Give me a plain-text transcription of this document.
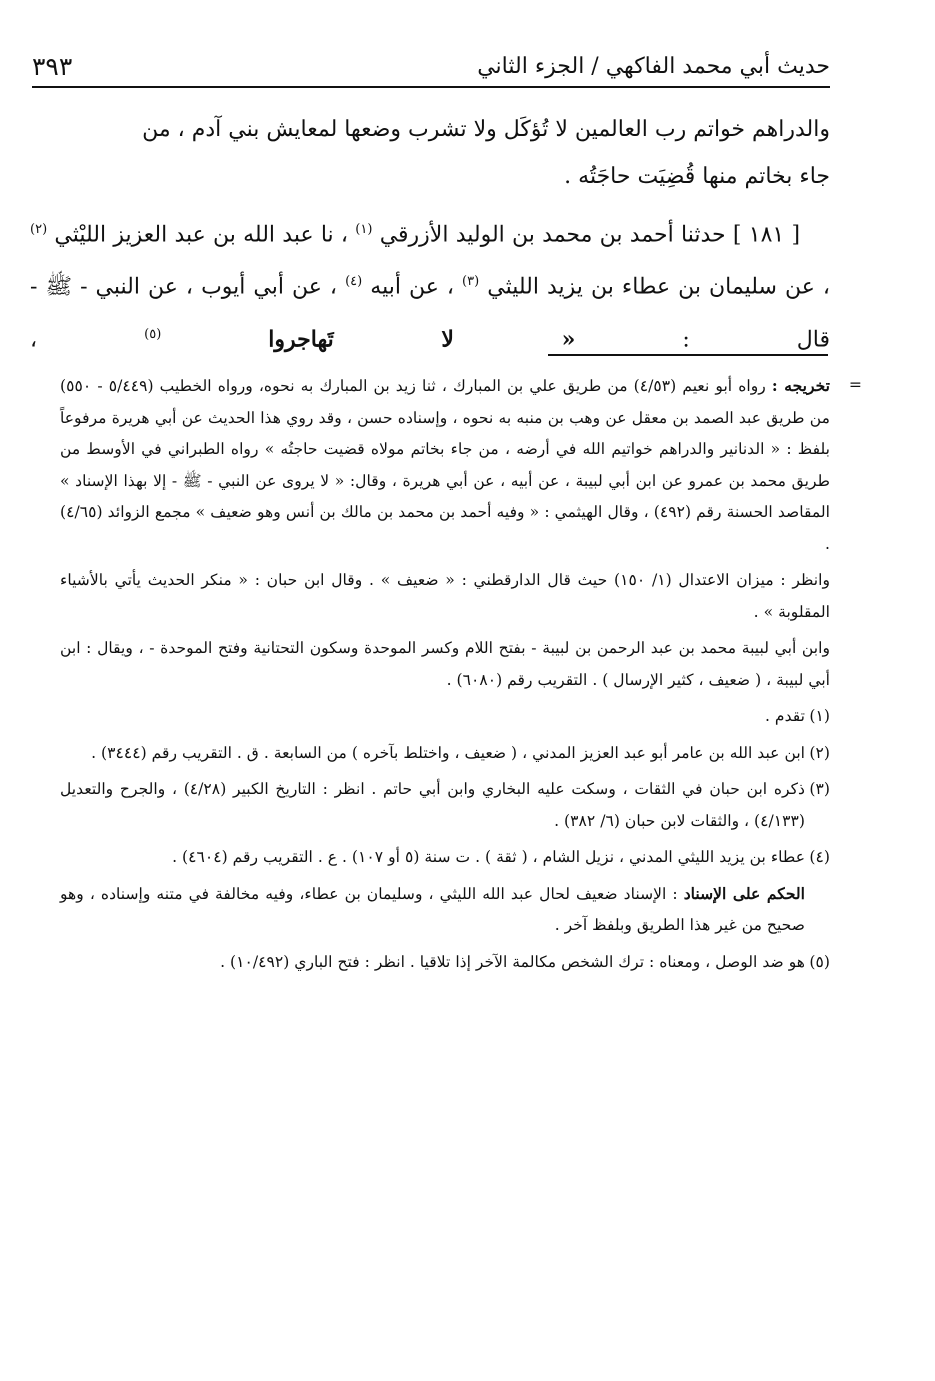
حديث أبي محمد الفاكهي / الجزء الثاني
٣٩٣

والدراهم خواتم رب العالمين لا تُؤكَل ولا تشرب وضعها لمعايش بني آدم ، من

جاء بخاتم منها قُضِيَت حاجَتُه .

[ ١٨١ ] حدثنا أحمد بن محمد بن الوليد الأزرقي $^{(١)}$ ، نا عبد الله بن عبد العزيز الليْثي $^{(٢)}$ ، عن سليمان بن عطاء بن يزيد الليثي $^{(٣)}$ ، عن أبيه $^{(٤)}$ ، عن أبي أيوب ، عن النبي - ﷺ - قال : « لا تَهاجروا $^{(٥)}$ ،

=
تخريجه : رواه أبو نعيم (٤/٥٣) من طريق علي بن المبارك ، ثنا زيد بن المبارك به نحوه، ورواه الخطيب (٥/٤٤٩ - ٥٥٠) من طريق عبد الصمد بن معقل عن وهب بن منبه به نحوه ، وإسناده حسن ، وقد روي هذا الحديث عن أبي هريرة مرفوعاً بلفظ : « الدنانير والدراهم خواتيم الله في أرضه ، من جاء بخاتم مولاه قضيت حاجتُه » رواه الطبراني في الأوسط من طريق محمد بن عمرو عن ابن أبي لبيبة ، عن أبيه ، عن أبي هريرة ، وقال: « لا يروى عن النبي - ﷺ - إلا بهذا الإسناد » المقاصد الحسنة رقم (٤٩٢) ، وقال الهيثمي : « وفيه أحمد بن محمد بن مالك بن أنس وهو ضعيف » مجمع الزوائد (٤/٦٥) .

وانظر : ميزان الاعتدال (١/ ١٥٠) حيث قال الدارقطني : « ضعيف » . وقال ابن حبان : « منكر الحديث يأتي بالأشياء المقلوبة » .

وابن أبي لبيبة محمد بن عبد الرحمن بن لبيبة - بفتح اللام وكسر الموحدة وسكون التحتانية وفتح الموحدة - ، ويقال : ابن أبي لبيبة ، ( ضعيف ، كثير الإرسال ) . التقريب رقم (٦٠٨٠) .

(١)
تقدم .

(٢)
ابن عبد الله بن عامر أبو عبد العزيز المدني ، ( ضعيف ، واختلط بآخره ) من السابعة . ق . التقريب رقم (٣٤٤٤) .

(٣)
ذكره ابن حبان في الثقات ، وسكت عليه البخاري وابن أبي حاتم . انظر : التاريخ الكبير (٤/٢٨) ، والجرح والتعديل (٤/١٣٣) ، والثقات لابن حبان (٦/ ٣٨٢) .

(٤)
عطاء بن يزيد الليثي المدني ، نزيل الشام ، ( ثقة ) . ت سنة (٥ أو ١٠٧) . ع . التقريب رقم (٤٦٠٤) .

الحكم على الإسناد : الإسناد ضعيف لحال عبد الله الليثي ، وسليمان بن عطاء، وفيه مخالفة في متنه وإسناده ، وهو صحيح من غير هذا الطريق وبلفظ آخر .

(٥)
هو ضد الوصل ، ومعناه : ترك الشخص مكالمة الآخر إذا تلاقيا . انظر : فتح الباري (١٠/٤٩٢) .
